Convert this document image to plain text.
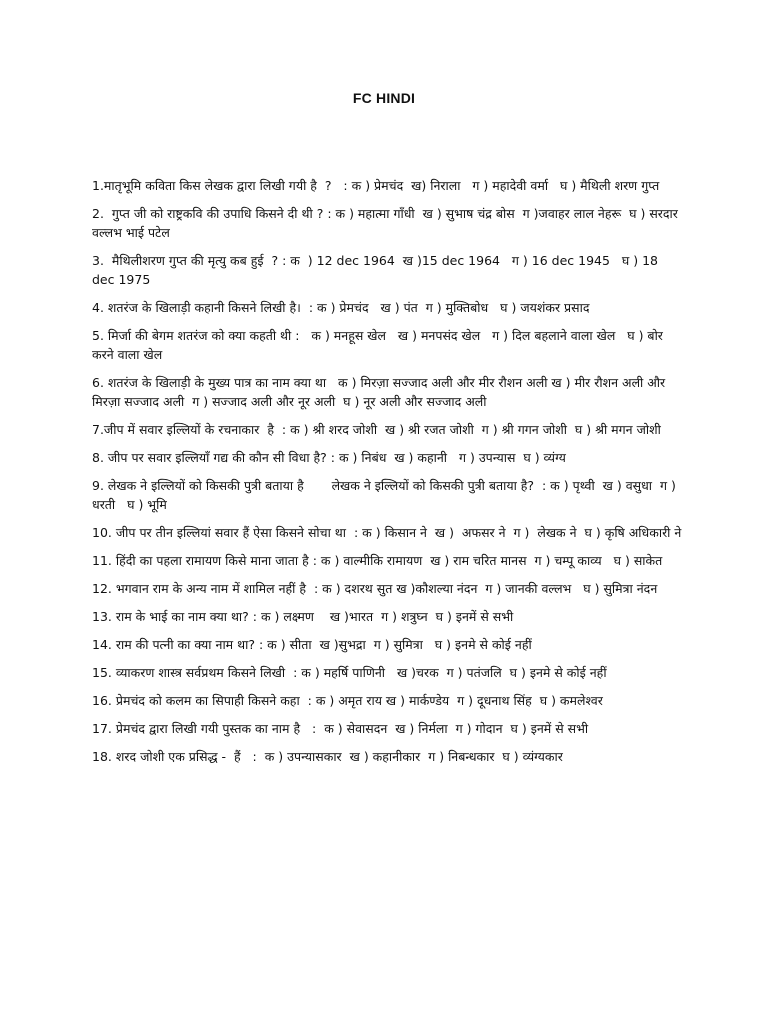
FC HINDI

1.मातृभूमि कविता किस लेखक द्वारा लिखी गयी है  ?   : क ) प्रेमचंद  ख) निराला   ग ) महादेवी वर्मा   घ ) मैथिली शरण गुप्त

2.  गुप्त जी को राष्ट्रकवि की उपाधि किसने दी थी ? : क ) महात्मा गाँधी  ख ) सुभाष चंद्र बोस  ग )जवाहर लाल नेहरू  घ ) सरदार वल्लभ भाई पटेल

3.  मैथिलीशरण गुप्त की मृत्यु कब हुई  ? : क  ) 12 dec 1964  ख )15 dec 1964   ग ) 16 dec 1945   घ ) 18 dec 1975

4. शतरंज के खिलाड़ी कहानी किसने लिखी है।  : क ) प्रेमचंद   ख ) पंत  ग ) मुक्तिबोध   घ ) जयशंकर प्रसाद

5. मिर्जा की बेगम शतरंज को क्या कहती थी :   क ) मनहूस खेल   ख ) मनपसंद खेल   ग ) दिल बहलाने वाला खेल   घ ) बोर करने वाला खेल

6. शतरंज के खिलाड़ी के मुख्य पात्र का नाम क्या था   क ) मिरज़ा सज्जाद अली और मीर रौशन अली ख ) मीर रौशन अली और मिरज़ा सज्जाद अली  ग ) सज्जाद अली और नूर अली  घ ) नूर अली और सज्जाद अली

7.जीप में सवार इल्लियों के रचनाकार  है  : क ) श्री शरद जोशी  ख ) श्री रजत जोशी  ग ) श्री गगन जोशी  घ ) श्री मगन जोशी

8. जीप पर सवार इल्लियाँ गद्य की कौन सी विधा है? : क ) निबंध  ख ) कहानी   ग ) उपन्यास  घ ) व्यंग्य

9. लेखक ने इल्लियों को किसकी पुत्री बताया है       लेखक ने इल्लियों को किसकी पुत्री बताया है?  : क ) पृथ्वी  ख ) वसुधा  ग ) धरती   घ ) भूमि

10. जीप पर तीन इल्लियां सवार हैं ऐसा किसने सोचा था  : क ) किसान ने  ख )  अफसर ने  ग )  लेखक ने  घ ) कृषि अधिकारी ने

11. हिंदी का पहला रामायण किसे माना जाता है : क ) वाल्मीकि रामायण  ख ) राम चरित मानस  ग ) चम्पू काव्य   घ ) साकेत

12. भगवान राम के अन्य नाम में शामिल नहीं है  : क ) दशरथ सुत ख )कौशल्या नंदन  ग ) जानकी वल्लभ   घ ) सुमित्रा नंदन

13. राम के भाई का नाम क्या था? : क ) लक्ष्मण    ख )भारत  ग ) शत्रुघ्न  घ ) इनमें से सभी

14. राम की पत्नी का क्या नाम था? : क ) सीता  ख )सुभद्रा  ग ) सुमित्रा   घ ) इनमे से कोई नहीं

15. व्याकरण शास्त्र सर्वप्रथम किसने लिखी  : क ) महर्षि पाणिनी   ख )चरक  ग ) पतंजलि  घ ) इनमे से कोई नहीं

16. प्रेमचंद को कलम का सिपाही किसने कहा  : क ) अमृत राय ख ) मार्कण्डेय  ग ) दूधनाथ सिंह  घ ) कमलेश्वर

17. प्रेमचंद द्वारा लिखी गयी पुस्तक का नाम है   :  क ) सेवासदन  ख ) निर्मला  ग ) गोदान  घ ) इनमें से सभी

18. शरद जोशी एक प्रसिद्ध -  हैं   :  क ) उपन्यासकार  ख ) कहानीकार  ग ) निबन्धकार  घ ) व्यंग्यकार
